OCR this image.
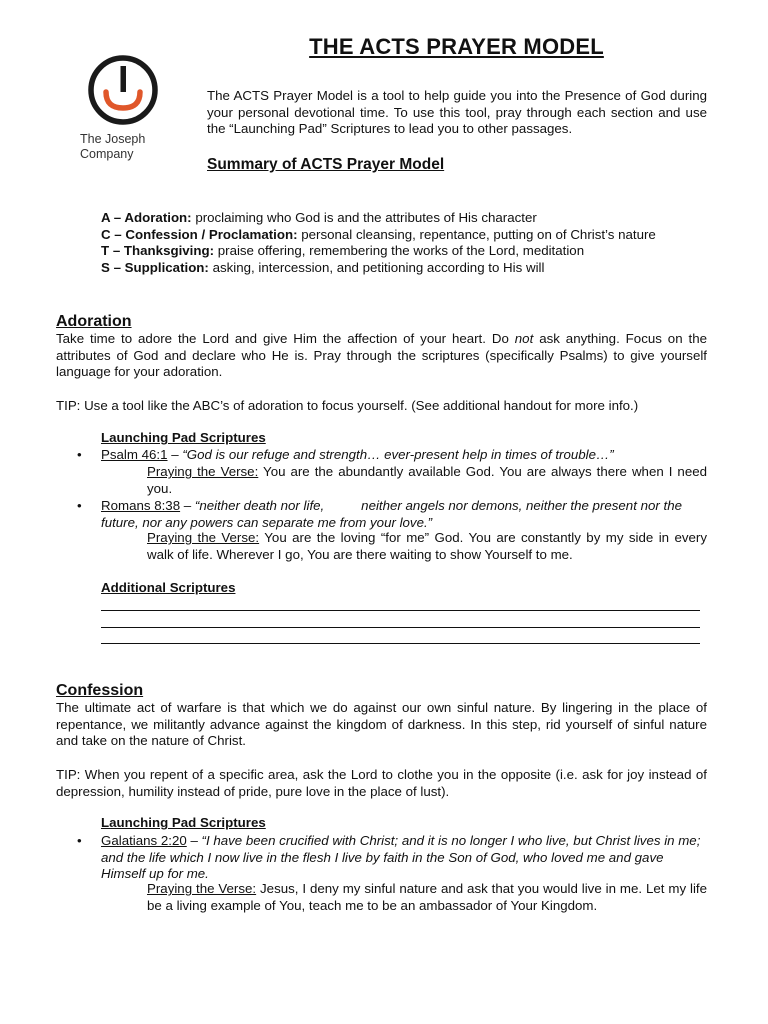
THE ACTS PRAYER MODEL
The Joseph
Company
The ACTS Prayer Model is a tool to help guide you into the Presence of God during your personal devotional time. To use this tool, pray through each section and use the “Launching Pad” Scriptures to lead you to other passages.
Summary of ACTS Prayer Model
A – Adoration: proclaiming who God is and the attributes of His character
C – Confession / Proclamation: personal cleansing, repentance, putting on of Christ’s nature
T – Thanksgiving: praise offering, remembering the works of the Lord, meditation
S – Supplication: asking, intercession, and petitioning according to His will
Adoration
Take time to adore the Lord and give Him the affection of your heart. Do not ask anything. Focus on the attributes of God and declare who He is. Pray through the scriptures (specifically Psalms) to give yourself language for your adoration.
TIP: Use a tool like the ABC’s of adoration to focus yourself. (See additional handout for more info.)
Launching Pad Scriptures
• Psalm 46:1 – “God is our refuge and strength… ever-present help in times of trouble…”
Praying the Verse: You are the abundantly available God. You are always there when I need you.
• Romans 8:38 – “neither death nor life,          neither angels nor demons, neither the present nor the future, nor any powers can separate me from your love.”
Praying the Verse: You are the loving “for me” God. You are constantly by my side in every walk of life. Wherever I go, You are there waiting to show Yourself to me.
Additional Scriptures
Confession
The ultimate act of warfare is that which we do against our own sinful nature. By lingering in the place of repentance, we militantly advance against the kingdom of darkness. In this step, rid yourself of sinful nature and take on the nature of Christ.
TIP: When you repent of a specific area, ask the Lord to clothe you in the opposite (i.e. ask for joy instead of depression, humility instead of pride, pure love in the place of lust).
Launching Pad Scriptures
• Galatians 2:20 – “I have been crucified with Christ; and it is no longer I who live, but Christ lives in me; and the life which I now live in the flesh I live by faith in the Son of God, who loved me and gave Himself up for me.
Praying the Verse: Jesus, I deny my sinful nature and ask that you would live in me. Let my life be a living example of You, teach me to be an ambassador of Your Kingdom.
